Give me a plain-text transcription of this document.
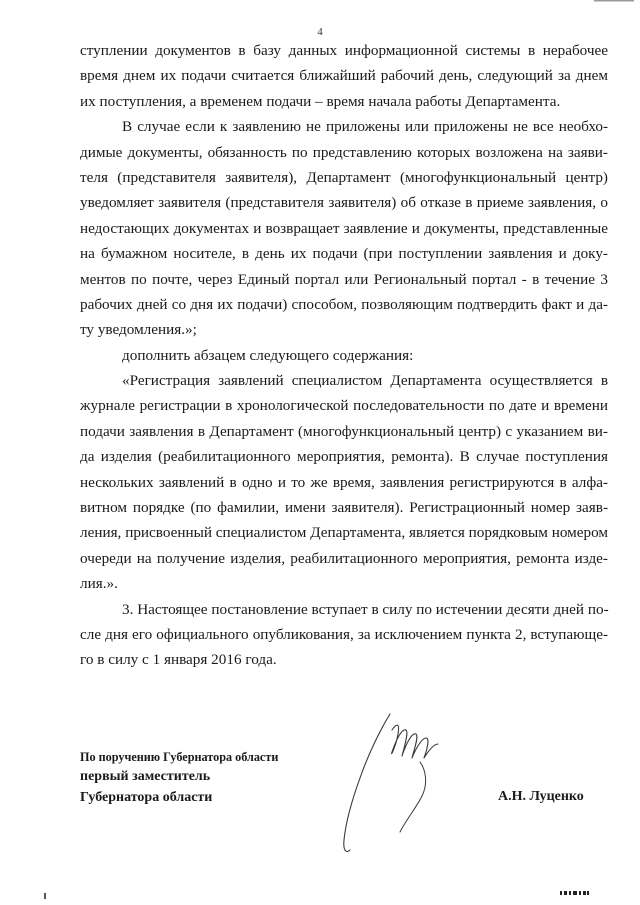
4
ступлении документов в базу данных информационной системы в нерабочее
время днем их подачи считается ближайший рабочий день, следующий за днем
их поступления, а временем подачи – время начала работы Департамента.
В случае если к заявлению не приложены или приложены не все необхо-
димые документы, обязанность по представлению которых возложена на заяви-
теля (представителя заявителя), Департамент (многофункциональный центр)
уведомляет заявителя (представителя заявителя) об отказе в приеме заявления, о
недостающих документах и возвращает заявление и документы, представленные
на бумажном носителе, в день их подачи (при поступлении заявления и доку-
ментов по почте, через Единый портал или Региональный портал - в течение 3
рабочих дней со дня их подачи) способом, позволяющим подтвердить факт и да-
ту уведомления.»;
дополнить абзацем следующего содержания:
«Регистрация заявлений специалистом Департамента осуществляется в
журнале регистрации в хронологической последовательности по дате и времени
подачи заявления в Департамент (многофункциональный центр) с указанием ви-
да изделия (реабилитационного мероприятия, ремонта). В случае поступления
нескольких заявлений в одно и то же время, заявления регистрируются в алфа-
витном порядке (по фамилии, имени заявителя). Регистрационный номер заяв-
ления, присвоенный специалистом Департамента, является порядковым номером
очереди на получение изделия, реабилитационного мероприятия, ремонта изде-
лия.».
3. Настоящее постановление вступает в силу по истечении десяти дней по-
сле дня его официального опубликования, за исключением пункта 2, вступающе-
го в силу с 1 января 2016 года.
По поручению Губернатора области
первый заместитель
Губернатора области	А.Н. Луценко
